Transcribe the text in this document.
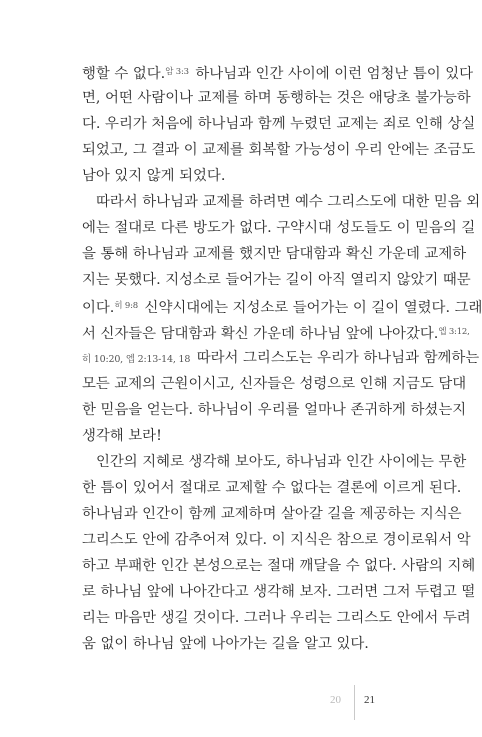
행할 수 없다.$^{암 3:3}$ 하나님과 인간 사이에 이런 엄청난 틈이 있다
면, 어떤 사람이나 교제를 하며 동행하는 것은 애당초 불가능하
다. 우리가 처음에 하나님과 함께 누렸던 교제는 죄로 인해 상실
되었고, 그 결과 이 교제를 회복할 가능성이 우리 안에는 조금도
남아 있지 않게 되었다.
따라서 하나님과 교제를 하려면 예수 그리스도에 대한 믿음 외
에는 절대로 다른 방도가 없다. 구약시대 성도들도 이 믿음의 길
을 통해 하나님과 교제를 했지만 담대함과 확신 가운데 교제하
지는 못했다. 지성소로 들어가는 길이 아직 열리지 않았기 때문
이다.$^{히 9:8}$ 신약시대에는 지성소로 들어가는 이 길이 열렸다. 그래
서 신자들은 담대함과 확신 가운데 하나님 앞에 나아갔다.$^{엡 3:12,}$
히 10:20, 엡 2:13-14, 18 따라서 그리스도는 우리가 하나님과 함께하는
모든 교제의 근원이시고, 신자들은 성령으로 인해 지금도 담대
한 믿음을 얻는다. 하나님이 우리를 얼마나 존귀하게 하셨는지
생각해 보라!
인간의 지혜로 생각해 보아도, 하나님과 인간 사이에는 무한
한 틈이 있어서 절대로 교제할 수 없다는 결론에 이르게 된다.
하나님과 인간이 함께 교제하며 살아갈 길을 제공하는 지식은
그리스도 안에 감추어져 있다. 이 지식은 참으로 경이로워서 악
하고 부패한 인간 본성으로는 절대 깨달을 수 없다. 사람의 지혜
로 하나님 앞에 나아간다고 생각해 보자. 그러면 그저 두렵고 떨
리는 마음만 생길 것이다. 그러나 우리는 그리스도 안에서 두려
움 없이 하나님 앞에 나아가는 길을 알고 있다.
20 21
